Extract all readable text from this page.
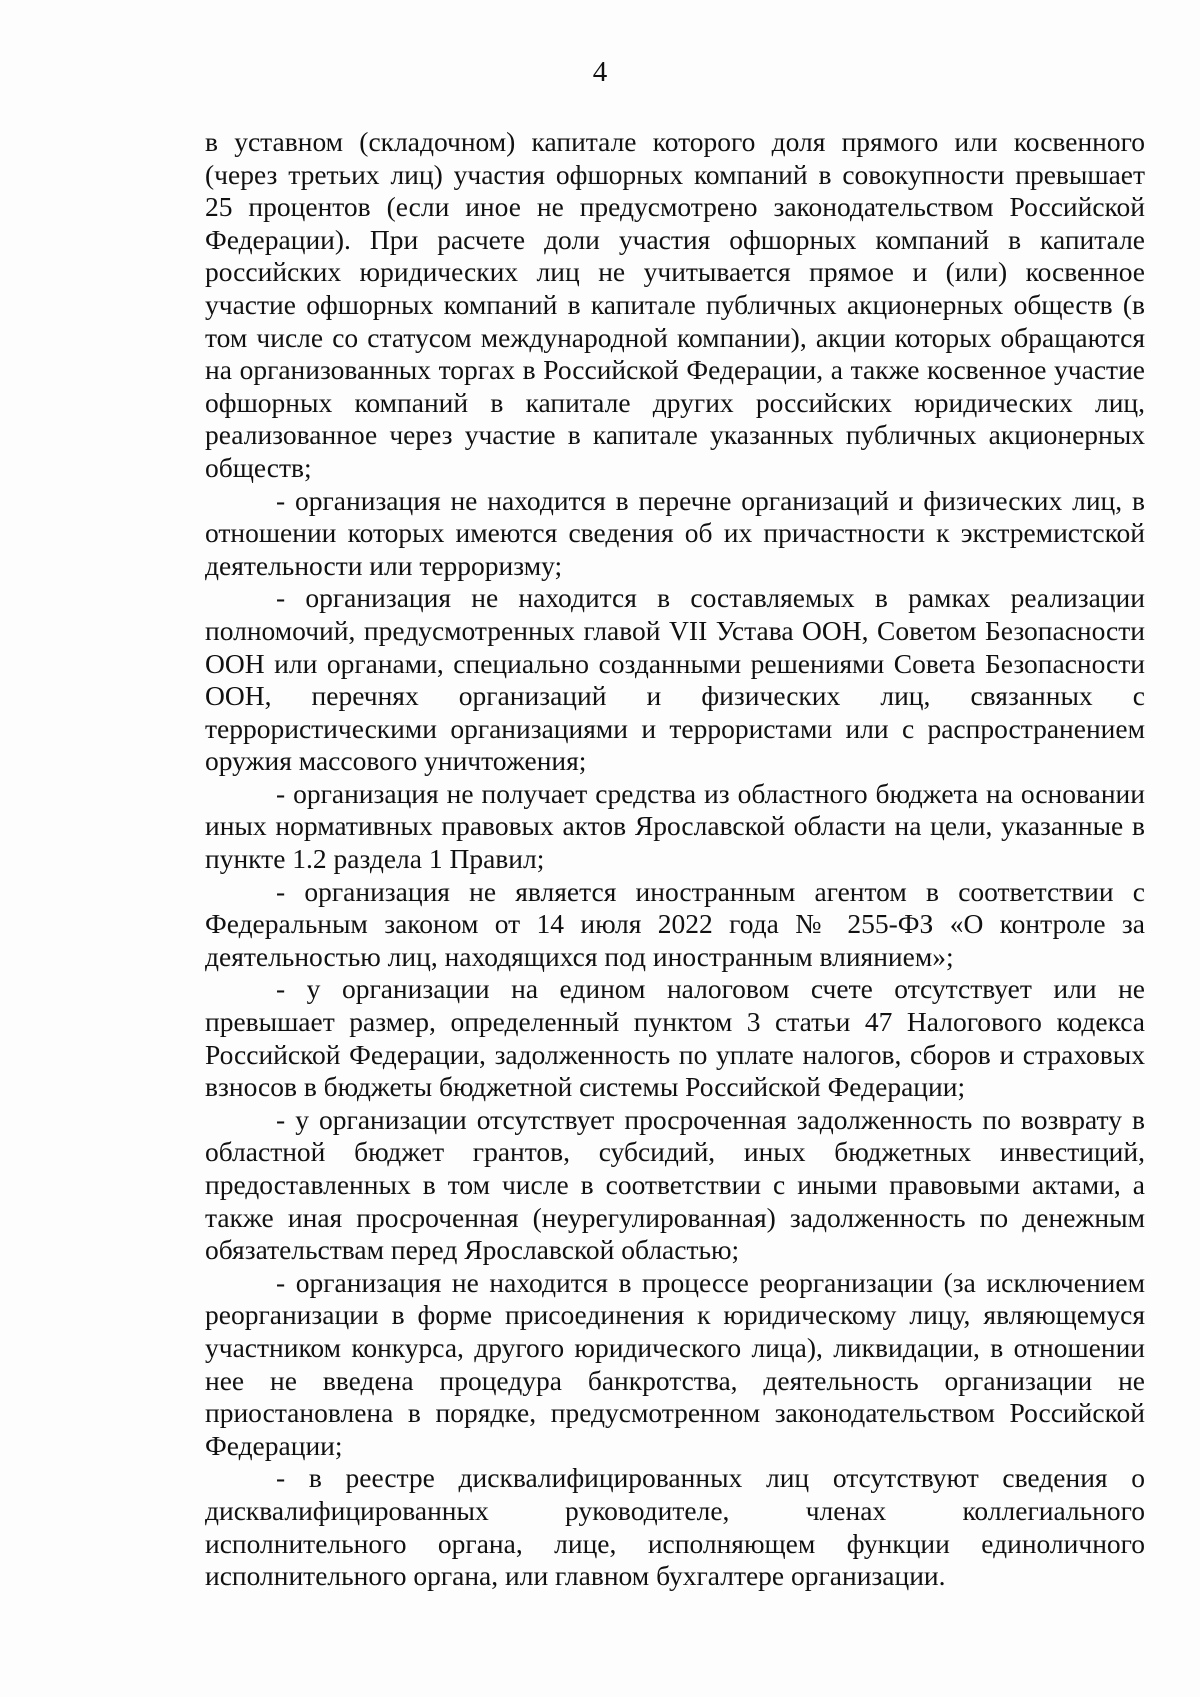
4

в уставном (складочном) капитале которого доля прямого или косвенного (через третьих лиц) участия офшорных компаний в совокупности превышает 25 процентов (если иное не предусмотрено законодательством Российской Федерации). При расчете доли участия офшорных компаний в капитале российских юридических лиц не учитывается прямое и (или) косвенное участие офшорных компаний в капитале публичных акционерных обществ (в том числе со статусом международной компании), акции которых обращаются на организованных торгах в Российской Федерации, а также косвенное участие офшорных компаний в капитале других российских юридических лиц, реализованное через участие в капитале указанных публичных акционерных обществ;

- организация не находится в перечне организаций и физических лиц, в отношении которых имеются сведения об их причастности к экстремистской деятельности или терроризму;

- организация не находится в составляемых в рамках реализации полномочий, предусмотренных главой VII Устава ООН, Советом Безопасности ООН или органами, специально созданными решениями Совета Безопасности ООН, перечнях организаций и физических лиц, связанных с террористическими организациями и террористами или с распространением оружия массового уничтожения;

- организация не получает средства из областного бюджета на основании иных нормативных правовых актов Ярославской области на цели, указанные в пункте 1.2 раздела 1 Правил;

- организация не является иностранным агентом в соответствии с Федеральным законом от 14 июля 2022 года № 255-ФЗ «О контроле за деятельностью лиц, находящихся под иностранным влиянием»;

- у организации на едином налоговом счете отсутствует или не превышает размер, определенный пунктом 3 статьи 47 Налогового кодекса Российской Федерации, задолженность по уплате налогов, сборов и страховых взносов в бюджеты бюджетной системы Российской Федерации;

- у организации отсутствует просроченная задолженность по возврату в областной бюджет грантов, субсидий, иных бюджетных инвестиций, предоставленных в том числе в соответствии с иными правовыми актами, а также иная просроченная (неурегулированная) задолженность по денежным обязательствам перед Ярославской областью;

- организация не находится в процессе реорганизации (за исключением реорганизации в форме присоединения к юридическому лицу, являющемуся участником конкурса, другого юридического лица), ликвидации, в отношении нее не введена процедура банкротства, деятельность организации не приостановлена в порядке, предусмотренном законодательством Российской Федерации;

- в реестре дисквалифицированных лиц отсутствуют сведения о дисквалифицированных руководителе, членах коллегиального исполнительного органа, лице, исполняющем функции единоличного исполнительного органа, или главном бухгалтере организации.
